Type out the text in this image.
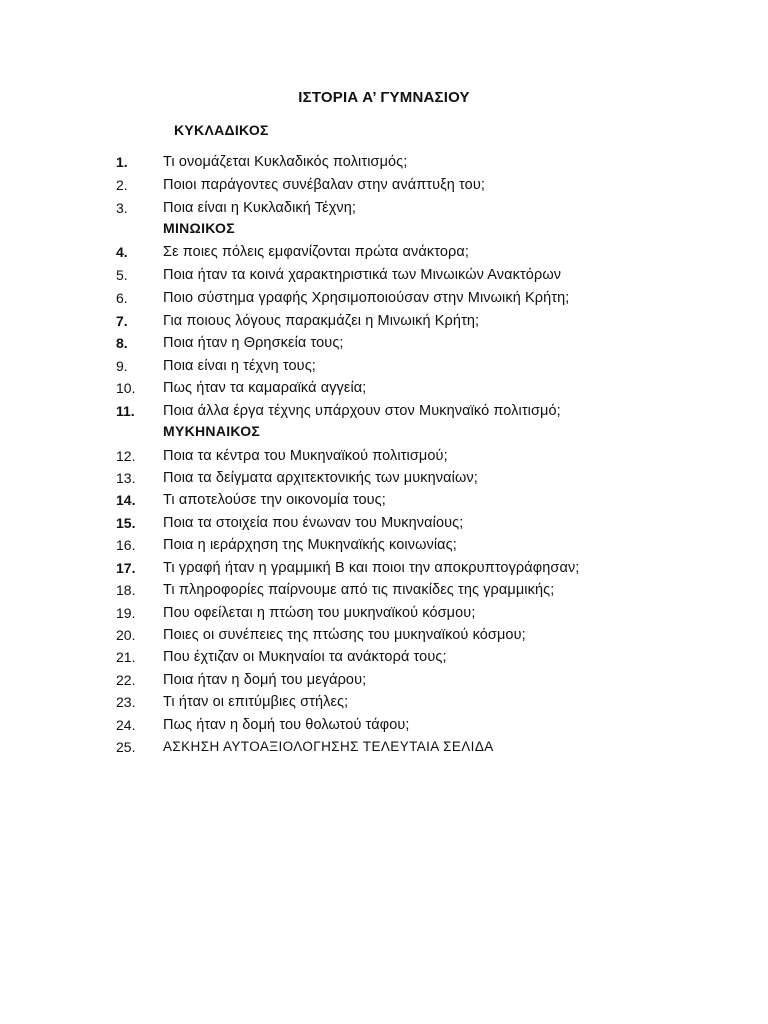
ΙΣΤΟΡΙΑ Α’ ΓΥΜΝΑΣΙΟΥ
ΚΥΚΛΑΔΙΚΟΣ
ΜΙΝΩΙΚΟΣ
ΜΥΚΗΝΑΙΚΟΣ
1.	Τι ονομάζεται Κυκλαδικός πολιτισμός;
2.	Ποιοι παράγοντες συνέβαλαν στην ανάπτυξη του;
3.	Ποια είναι η Κυκλαδική Τέχνη;
4.	Σε ποιες πόλεις εμφανίζονται πρώτα ανάκτορα;
5.	Ποια ήταν τα κοινά χαρακτηριστικά των Μινωικών Ανακτόρων
6.	Ποιο σύστημα γραφής Χρησιμοποιούσαν στην Μινωική Κρήτη;
7.	Για ποιους λόγους παρακμάζει η Μινωική Κρήτη;
8.	Ποια ήταν η Θρησκεία τους;
9.	Ποια είναι η τέχνη τους;
10.	Πως ήταν τα καμαραϊκά αγγεία;
11.	Ποια άλλα έργα τέχνης υπάρχουν στον Μυκηναϊκό πολιτισμό;
12.	Ποια τα κέντρα του Μυκηναϊκού πολιτισμού;
13.	Ποια τα δείγματα αρχιτεκτονικής των μυκηναίων;
14.	Τι αποτελούσε την οικονομία τους;
15.	Ποια τα στοιχεία που ένωναν του Μυκηναίους;
16.	Ποια η ιεράρχηση της Μυκηναϊκής κοινωνίας;
17.	Τι γραφή ήταν η γραμμική Β και ποιοι την αποκρυπτογράφησαν;
18.	Τι πληροφορίες παίρνουμε από τις πινακίδες της γραμμικής;
19.	Που οφείλεται η πτώση του μυκηναϊκού κόσμου;
20.	Ποιες οι συνέπειες της πτώσης του μυκηναϊκού κόσμου;
21.	Που έχτιζαν οι Μυκηναίοι τα ανάκτορά τους;
22.	Ποια ήταν η δομή του μεγάρου;
23.	Τι ήταν οι επιτύμβιες στήλες;
24.	Πως ήταν η δομή του θολωτού τάφου;
25.	ΑΣΚΗΣΗ ΑΥΤΟΑΞΙΟΛΟΓΗΣΗΣ ΤΕΛΕΥΤΑΙΑ ΣΕΛΙΔΑ
